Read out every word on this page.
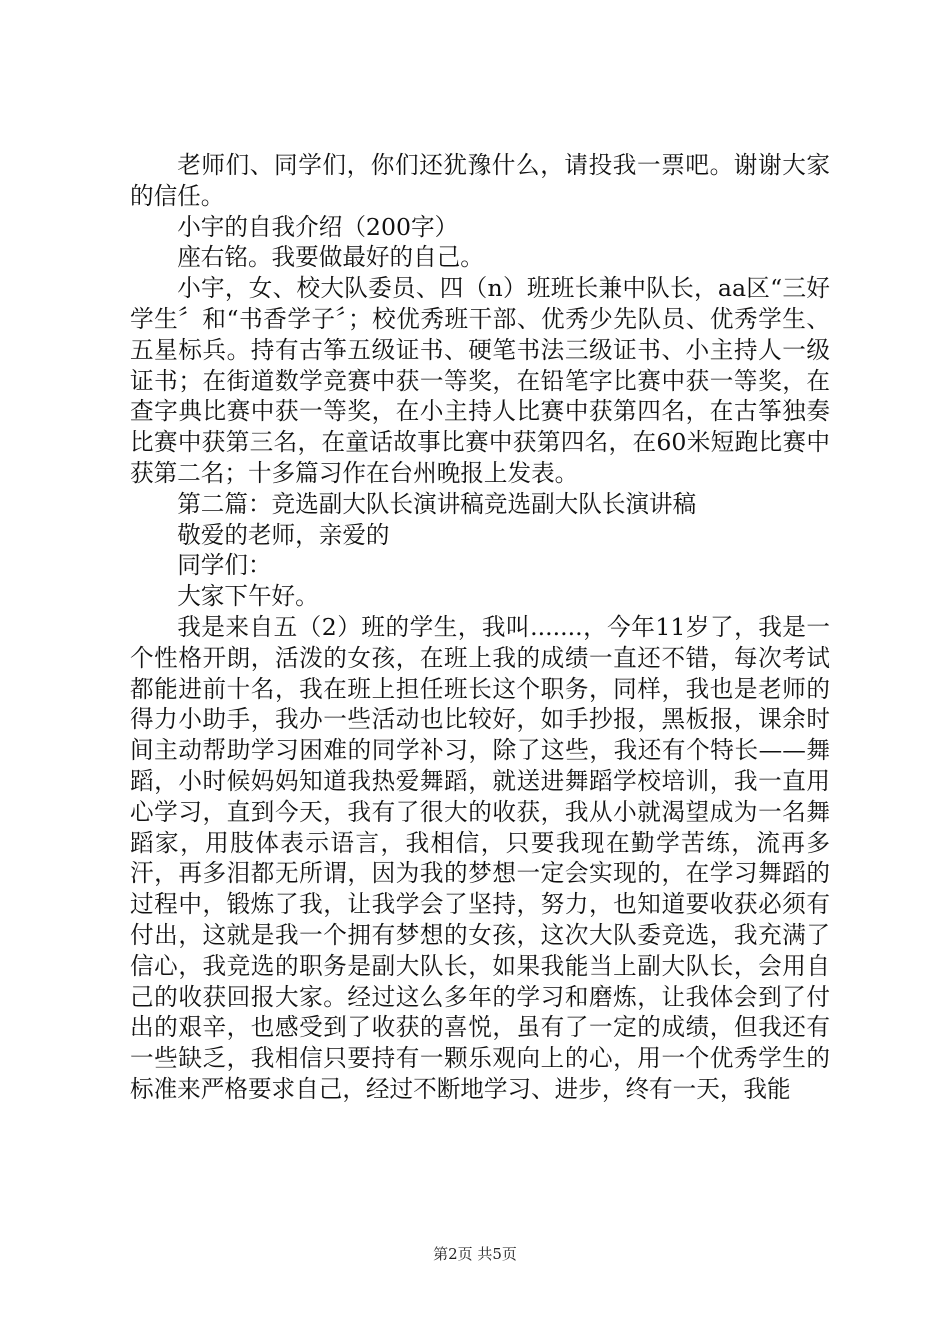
老师们、同学们，你们还犹豫什么，请投我一票吧。谢谢大家的信任。

小宇的自我介绍（200字）

座右铭。我要做最好的自己。

小宇，女、校大队委员、四（n）班班长兼中队长，aa区“三好学生〞和“书香学子〞；校优秀班干部、优秀少先队员、优秀学生、五星标兵。持有古筝五级证书、硬笔书法三级证书、小主持人一级证书；在街道数学竞赛中获一等奖，在铅笔字比赛中获一等奖，在查字典比赛中获一等奖，在小主持人比赛中获第四名，在古筝独奏比赛中获第三名，在童话故事比赛中获第四名，在60米短跑比赛中获第二名；十多篇习作在台州晚报上发表。

第二篇：竞选副大队长演讲稿竞选副大队长演讲稿

敬爱的老师，亲爱的

同学们：

大家下午好。

我是来自五（2）班的学生，我叫.......，今年11岁了，我是一个性格开朗，活泼的女孩，在班上我的成绩一直还不错，每次考试都能进前十名，我在班上担任班长这个职务，同样，我也是老师的得力小助手，我办一些活动也比较好，如手抄报，黑板报，课余时间主动帮助学习困难的同学补习，除了这些，我还有个特长——舞蹈，小时候妈妈知道我热爱舞蹈，就送进舞蹈学校培训，我一直用心学习，直到今天，我有了很大的收获，我从小就渴望成为一名舞蹈家，用肢体表示语言，我相信，只要我现在勤学苦练，流再多汗，再多泪都无所谓，因为我的梦想一定会实现的，在学习舞蹈的过程中，锻炼了我，让我学会了坚持，努力，也知道要收获必须有付出，这就是我一个拥有梦想的女孩，这次大队委竞选，我充满了信心，我竞选的职务是副大队长，如果我能当上副大队长，会用自己的收获回报大家。经过这么多年的学习和磨炼，让我体会到了付出的艰辛，也感受到了收获的喜悦，虽有了一定的成绩，但我还有一些缺乏，我相信只要持有一颗乐观向上的心，用一个优秀学生的标准来严格要求自己，经过不断地学习、进步，终有一天，我能

第2页 共5页
